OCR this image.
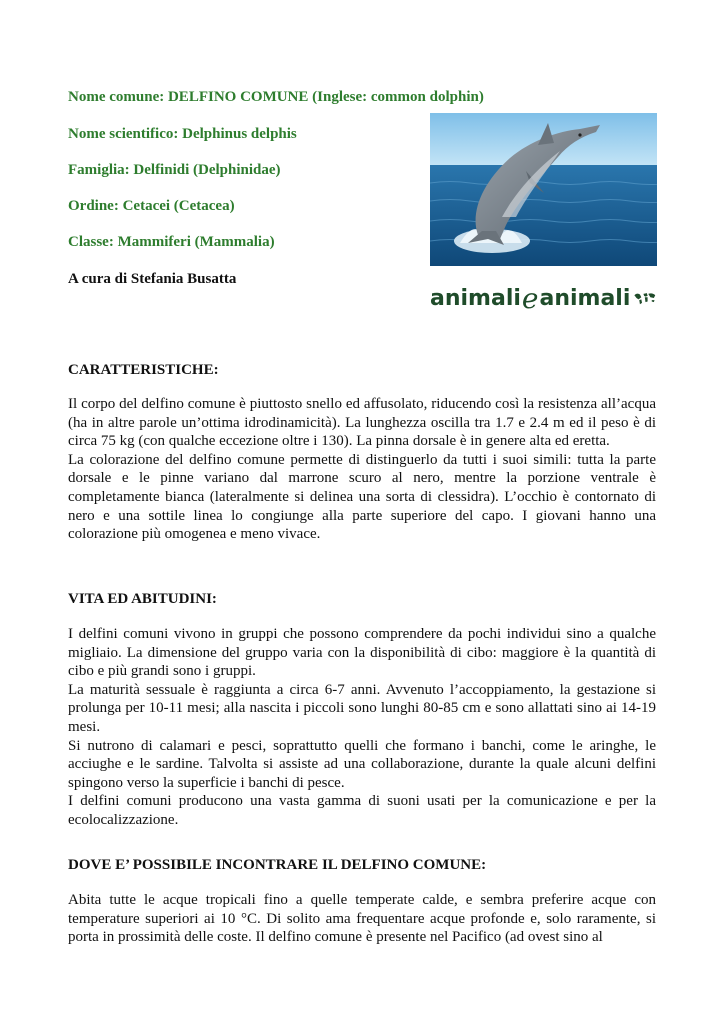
Nome comune: DELFINO COMUNE (Inglese: common dolphin)

Nome scientifico: Delphinus delphis

Famiglia: Delfinidi (Delphinidae)

Ordine: Cetacei (Cetacea)

Classe: Mammiferi (Mammalia)

A cura di Stefania Busatta

animali e animali

CARATTERISTICHE:

Il corpo del delfino comune è piuttosto snello ed affusolato, riducendo così la resistenza all’acqua (ha in altre parole un’ottima idrodinamicità). La lunghezza oscilla tra 1.7 e 2.4 m ed il peso è di circa 75 kg (con qualche eccezione oltre i 130). La pinna dorsale è in genere alta ed eretta.
La colorazione del delfino comune permette di distinguerlo da tutti i suoi simili: tutta la parte dorsale e le pinne variano dal marrone scuro al nero, mentre la porzione ventrale è completamente bianca (lateralmente si delinea una sorta di clessidra). L’occhio è contornato di nero e una sottile linea lo congiunge alla parte superiore del capo. I giovani hanno una colorazione più omogenea e meno vivace.

VITA ED ABITUDINI:

I delfini comuni vivono in gruppi che possono comprendere da pochi individui sino a qualche migliaio. La dimensione del gruppo varia con la disponibilità di cibo: maggiore è la quantità di cibo e più grandi sono i gruppi.
La maturità sessuale è raggiunta a circa 6-7 anni. Avvenuto l’accoppiamento, la gestazione si prolunga per 10-11 mesi; alla nascita i piccoli sono lunghi 80-85 cm e sono allattati sino ai 14-19 mesi.
Si nutrono di calamari e pesci, soprattutto quelli che formano i banchi, come le aringhe, le acciughe e le sardine. Talvolta si assiste ad una collaborazione, durante la quale alcuni delfini spingono verso la superficie i banchi di pesce.
I delfini comuni producono una vasta gamma di suoni usati per la comunicazione e per la ecolocalizzazione.

DOVE E’ POSSIBILE INCONTRARE IL DELFINO COMUNE:

Abita tutte le acque tropicali fino a quelle temperate calde, e sembra preferire acque con temperature superiori ai 10 °C. Di solito ama frequentare acque profonde e, solo raramente, si porta in prossimità delle coste. Il delfino comune è presente nel Pacifico (ad ovest sino al
